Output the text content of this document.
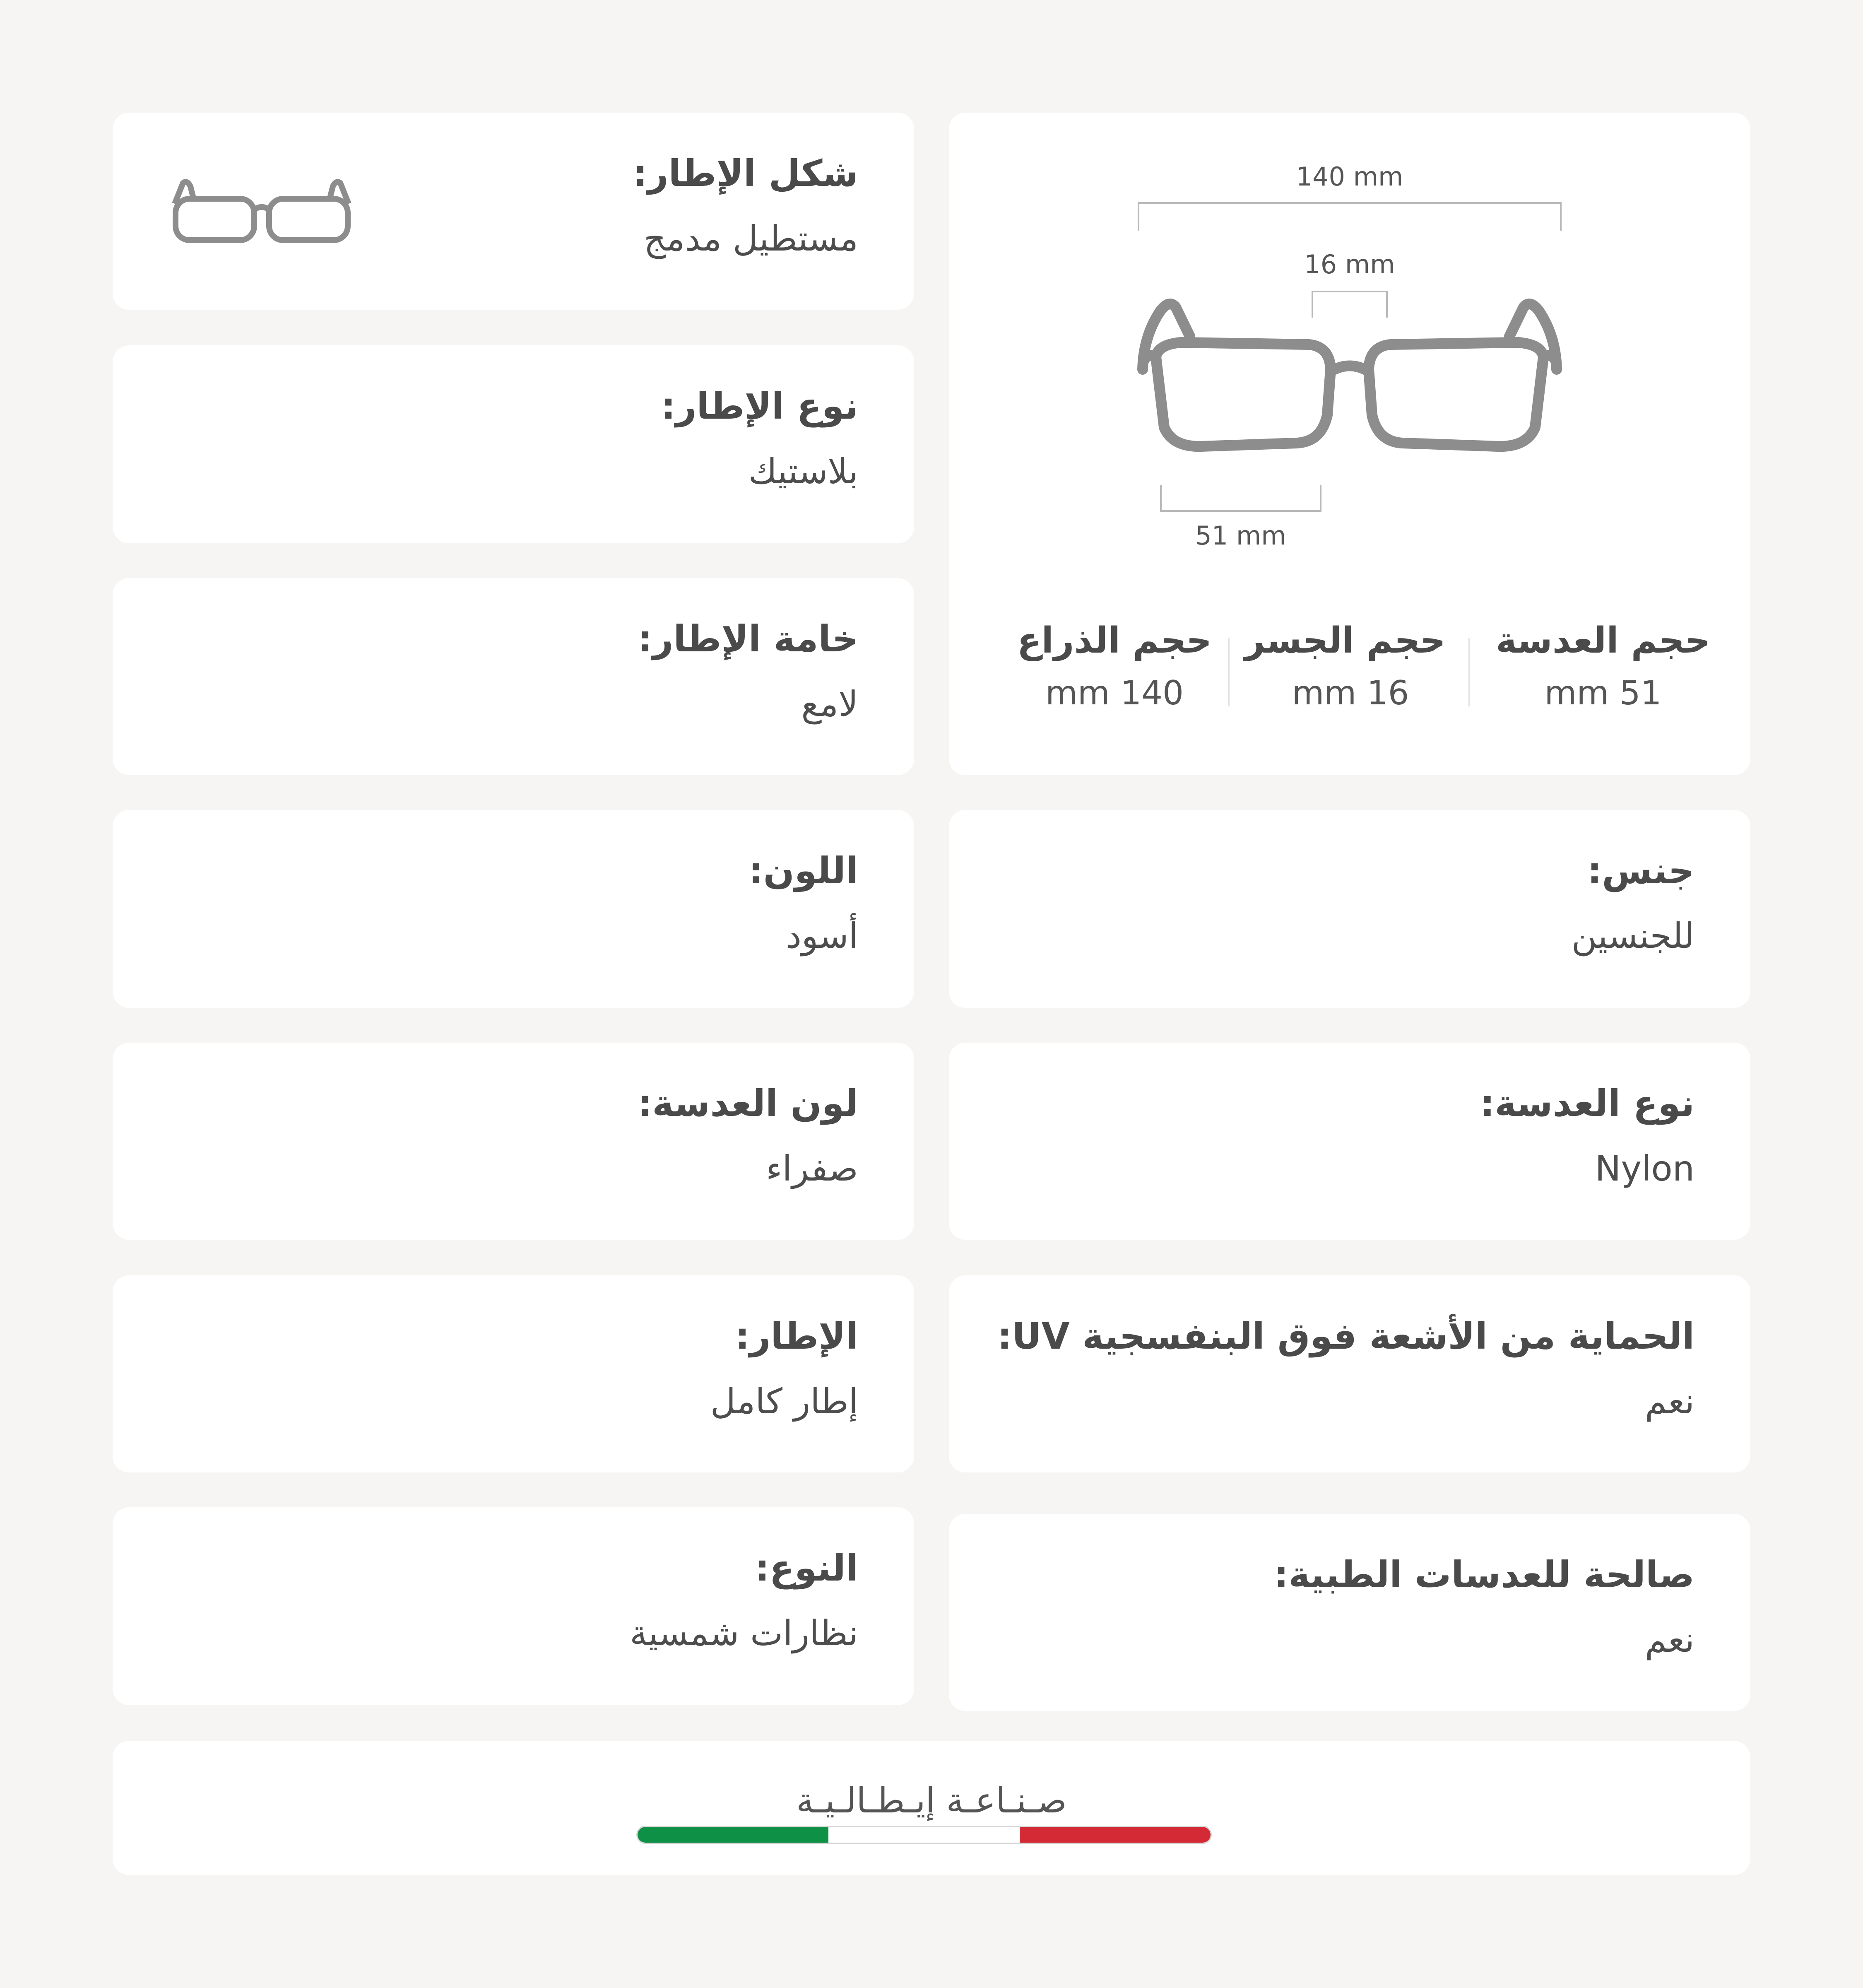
شكل الإطار:
مستطيل مدمج
نوع الإطار:
بلاستيك
خامة الإطار:
لامع
اللون:
أسود
لون العدسة:
صفراء
الإطار:
إطار كامل
النوع:
نظارات شمسية
140 mm
16 mm
51 mm
حجم العدسة
51 mm
حجم الجسر
16 mm
حجم الذراع
140 mm
جنس:
للجنسين
نوع العدسة:
Nylon
الحماية من الأشعة فوق البنفسجية UV:
نعم
صالحة للعدسات الطبية:
نعم
صـنـاعـة إيـطـالـيـة
